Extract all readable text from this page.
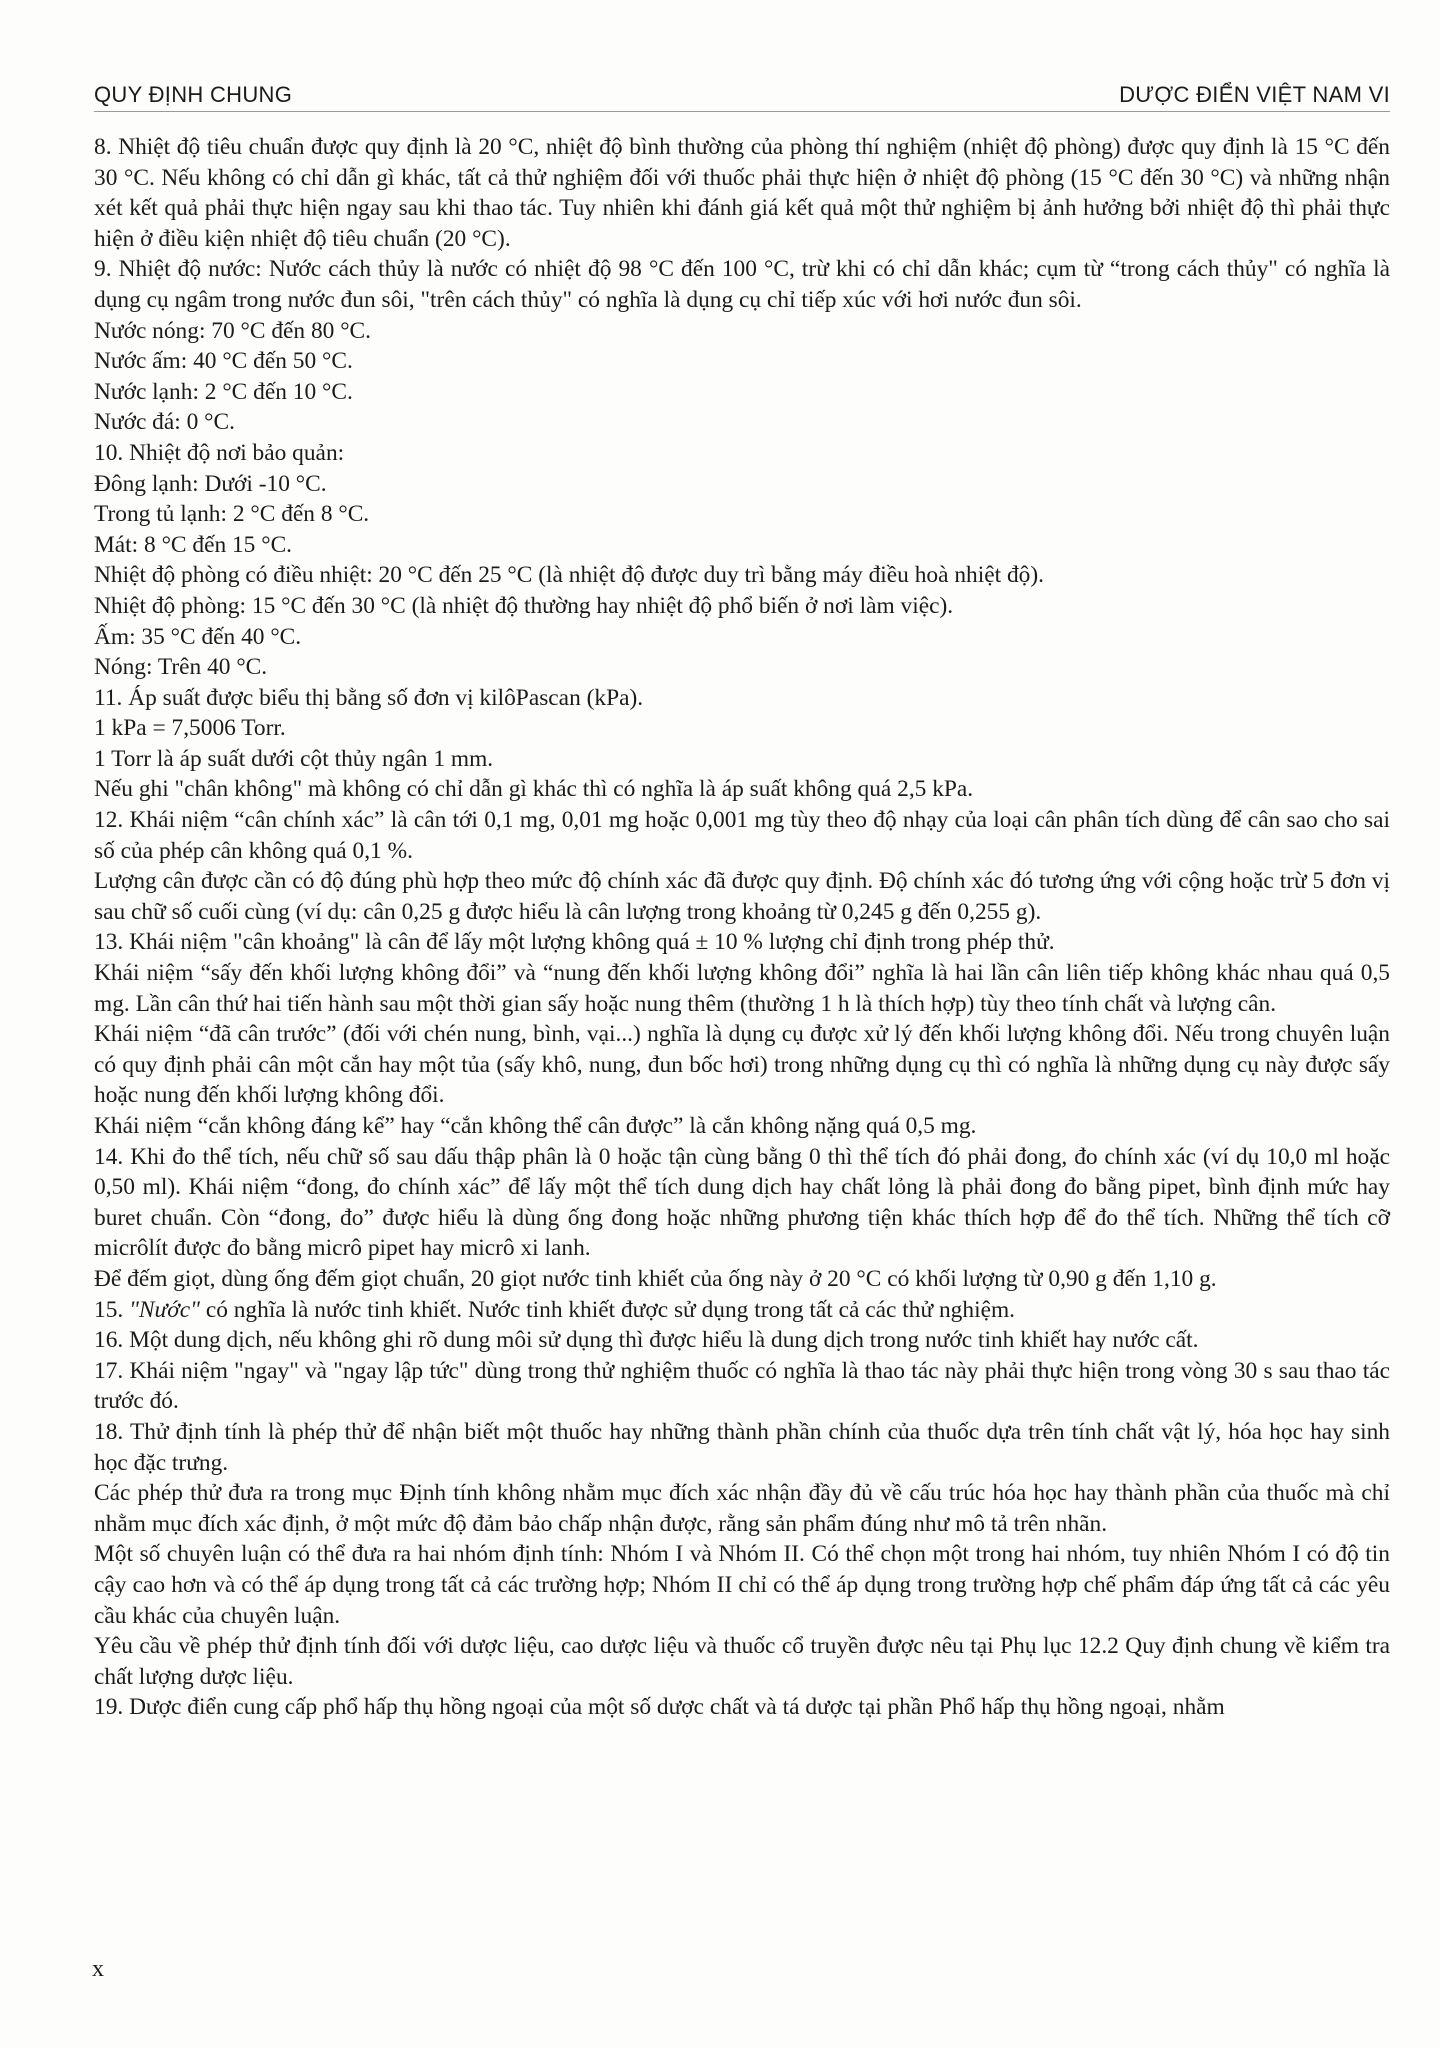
QUY ĐỊNH CHUNG	DƯỢC ĐIỂN VIỆT NAM VI

8. Nhiệt độ tiêu chuẩn được quy định là 20 °C, nhiệt độ bình thường của phòng thí nghiệm (nhiệt độ phòng) được quy định là 15 °C đến 30 °C. Nếu không có chỉ dẫn gì khác, tất cả thử nghiệm đối với thuốc phải thực hiện ở nhiệt độ phòng (15 °C đến 30 °C) và những nhận xét kết quả phải thực hiện ngay sau khi thao tác. Tuy nhiên khi đánh giá kết quả một thử nghiệm bị ảnh hưởng bởi nhiệt độ thì phải thực hiện ở điều kiện nhiệt độ tiêu chuẩn (20 °C).

9. Nhiệt độ nước: Nước cách thủy là nước có nhiệt độ 98 °C đến 100 °C, trừ khi có chỉ dẫn khác; cụm từ “trong cách thủy" có nghĩa là dụng cụ ngâm trong nước đun sôi, "trên cách thủy" có nghĩa là dụng cụ chỉ tiếp xúc với hơi nước đun sôi.

Nước nóng: 70 °C đến 80 °C.

Nước ấm: 40 °C đến 50 °C.

Nước lạnh: 2 °C đến 10 °C.

Nước đá: 0 °C.

10. Nhiệt độ nơi bảo quản:

Đông lạnh: Dưới -10 °C.

Trong tủ lạnh: 2 °C đến 8 °C.

Mát: 8 °C đến 15 °C.

Nhiệt độ phòng có điều nhiệt: 20 °C đến 25 °C (là nhiệt độ được duy trì bằng máy điều hoà nhiệt độ).

Nhiệt độ phòng: 15 °C đến 30 °C (là nhiệt độ thường hay nhiệt độ phổ biến ở nơi làm việc).

Ấm: 35 °C đến 40 °C.

Nóng: Trên 40 °C.

11. Áp suất được biểu thị bằng số đơn vị kilôPascan (kPa).

1 kPa = 7,5006 Torr.

1 Torr là áp suất dưới cột thủy ngân 1 mm.

Nếu ghi "chân không" mà không có chỉ dẫn gì khác thì có nghĩa là áp suất không quá 2,5 kPa.

12. Khái niệm “cân chính xác” là cân tới 0,1 mg, 0,01 mg hoặc 0,001 mg tùy theo độ nhạy của loại cân phân tích dùng để cân sao cho sai số của phép cân không quá 0,1 %.

Lượng cân được cần có độ đúng phù hợp theo mức độ chính xác đã được quy định. Độ chính xác đó tương ứng với cộng hoặc trừ 5 đơn vị sau chữ số cuối cùng (ví dụ: cân 0,25 g được hiểu là cân lượng trong khoảng từ 0,245 g đến 0,255 g).

13. Khái niệm "cân khoảng" là cân để lấy một lượng không quá ± 10 % lượng chỉ định trong phép thử.

Khái niệm “sấy đến khối lượng không đổi” và “nung đến khối lượng không đổi” nghĩa là hai lần cân liên tiếp không khác nhau quá 0,5 mg. Lần cân thứ hai tiến hành sau một thời gian sấy hoặc nung thêm (thường 1 h là thích hợp) tùy theo tính chất và lượng cân.

Khái niệm “đã cân trước” (đối với chén nung, bình, vại...) nghĩa là dụng cụ được xử lý đến khối lượng không đổi. Nếu trong chuyên luận có quy định phải cân một cắn hay một tủa (sấy khô, nung, đun bốc hơi) trong những dụng cụ thì có nghĩa là những dụng cụ này được sấy hoặc nung đến khối lượng không đổi.

Khái niệm “cắn không đáng kể” hay “cắn không thể cân được” là cắn không nặng quá 0,5 mg.

14. Khi đo thể tích, nếu chữ số sau dấu thập phân là 0 hoặc tận cùng bằng 0 thì thể tích đó phải đong, đo chính xác (ví dụ 10,0 ml hoặc 0,50 ml). Khái niệm “đong, đo chính xác” để lấy một thể tích dung dịch hay chất lỏng là phải đong đo bằng pipet, bình định mức hay buret chuẩn. Còn “đong, đo” được hiểu là dùng ống đong hoặc những phương tiện khác thích hợp để đo thể tích. Những thể tích cỡ micrôlít được đo bằng micrô pipet hay micrô xi lanh.

Để đếm giọt, dùng ống đếm giọt chuẩn, 20 giọt nước tinh khiết của ống này ở 20 °C có khối lượng từ 0,90 g đến 1,10 g.

15. "Nước" có nghĩa là nước tinh khiết. Nước tinh khiết được sử dụng trong tất cả các thử nghiệm.

16. Một dung dịch, nếu không ghi rõ dung môi sử dụng thì được hiểu là dung dịch trong nước tinh khiết hay nước cất.

17. Khái niệm "ngay" và "ngay lập tức" dùng trong thử nghiệm thuốc có nghĩa là thao tác này phải thực hiện trong vòng 30 s sau thao tác trước đó.

18. Thử định tính là phép thử để nhận biết một thuốc hay những thành phần chính của thuốc dựa trên tính chất vật lý, hóa học hay sinh học đặc trưng.

Các phép thử đưa ra trong mục Định tính không nhằm mục đích xác nhận đầy đủ về cấu trúc hóa học hay thành phần của thuốc mà chỉ nhằm mục đích xác định, ở một mức độ đảm bảo chấp nhận được, rằng sản phẩm đúng như mô tả trên nhãn.

Một số chuyên luận có thể đưa ra hai nhóm định tính: Nhóm I và Nhóm II. Có thể chọn một trong hai nhóm, tuy nhiên Nhóm I có độ tin cậy cao hơn và có thể áp dụng trong tất cả các trường hợp; Nhóm II chỉ có thể áp dụng trong trường hợp chế phẩm đáp ứng tất cả các yêu cầu khác của chuyên luận.

Yêu cầu về phép thử định tính đối với dược liệu, cao dược liệu và thuốc cổ truyền được nêu tại Phụ lục 12.2 Quy định chung về kiểm tra chất lượng dược liệu.

19. Dược điển cung cấp phổ hấp thụ hồng ngoại của một số dược chất và tá dược tại phần Phổ hấp thụ hồng ngoại, nhằm

x
